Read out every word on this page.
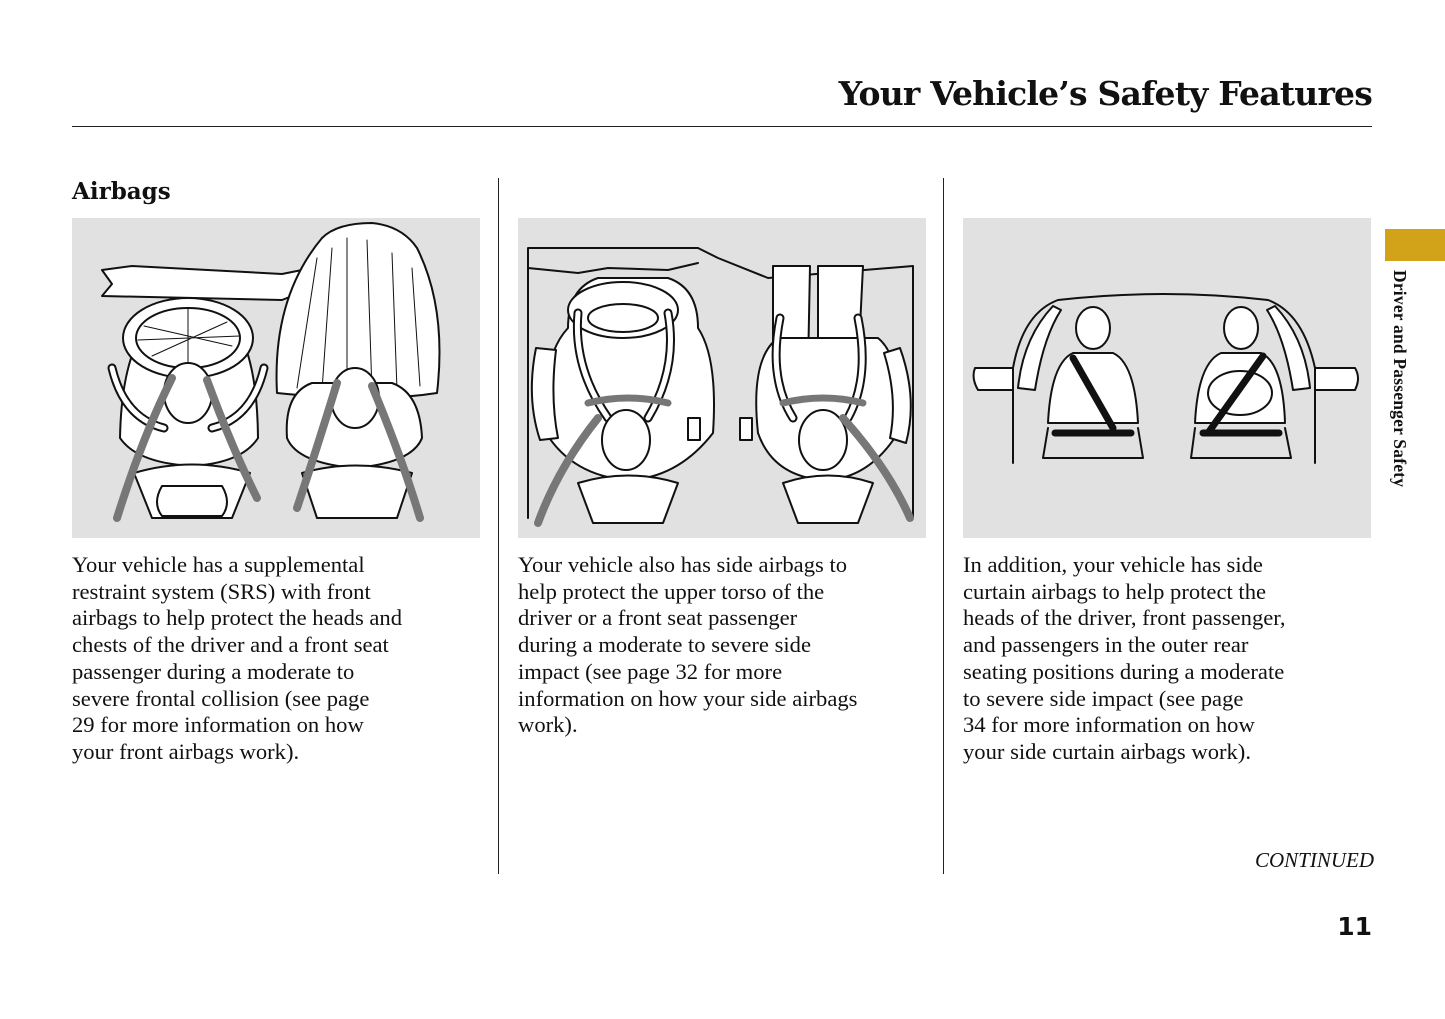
Your Vehicle’s Safety Features
Airbags

Your vehicle has a supplemental
restraint system (SRS) with front
airbags to help protect the heads and
chests of the driver and a front seat
passenger during a moderate to
severe frontal collision (see page
29 for more information on how
your front airbags work).

Your vehicle also has side airbags to
help protect the upper torso of the
driver or a front seat passenger
during a moderate to severe side
impact (see page 32 for more
information on how your side airbags
work).

In addition, your vehicle has side
curtain airbags to help protect the
heads of the driver, front passenger,
and passengers in the outer rear
seating positions during a moderate
to severe side impact (see page
34 for more information on how
your side curtain airbags work).

Driver and Passenger Safety
CONTINUED
11
